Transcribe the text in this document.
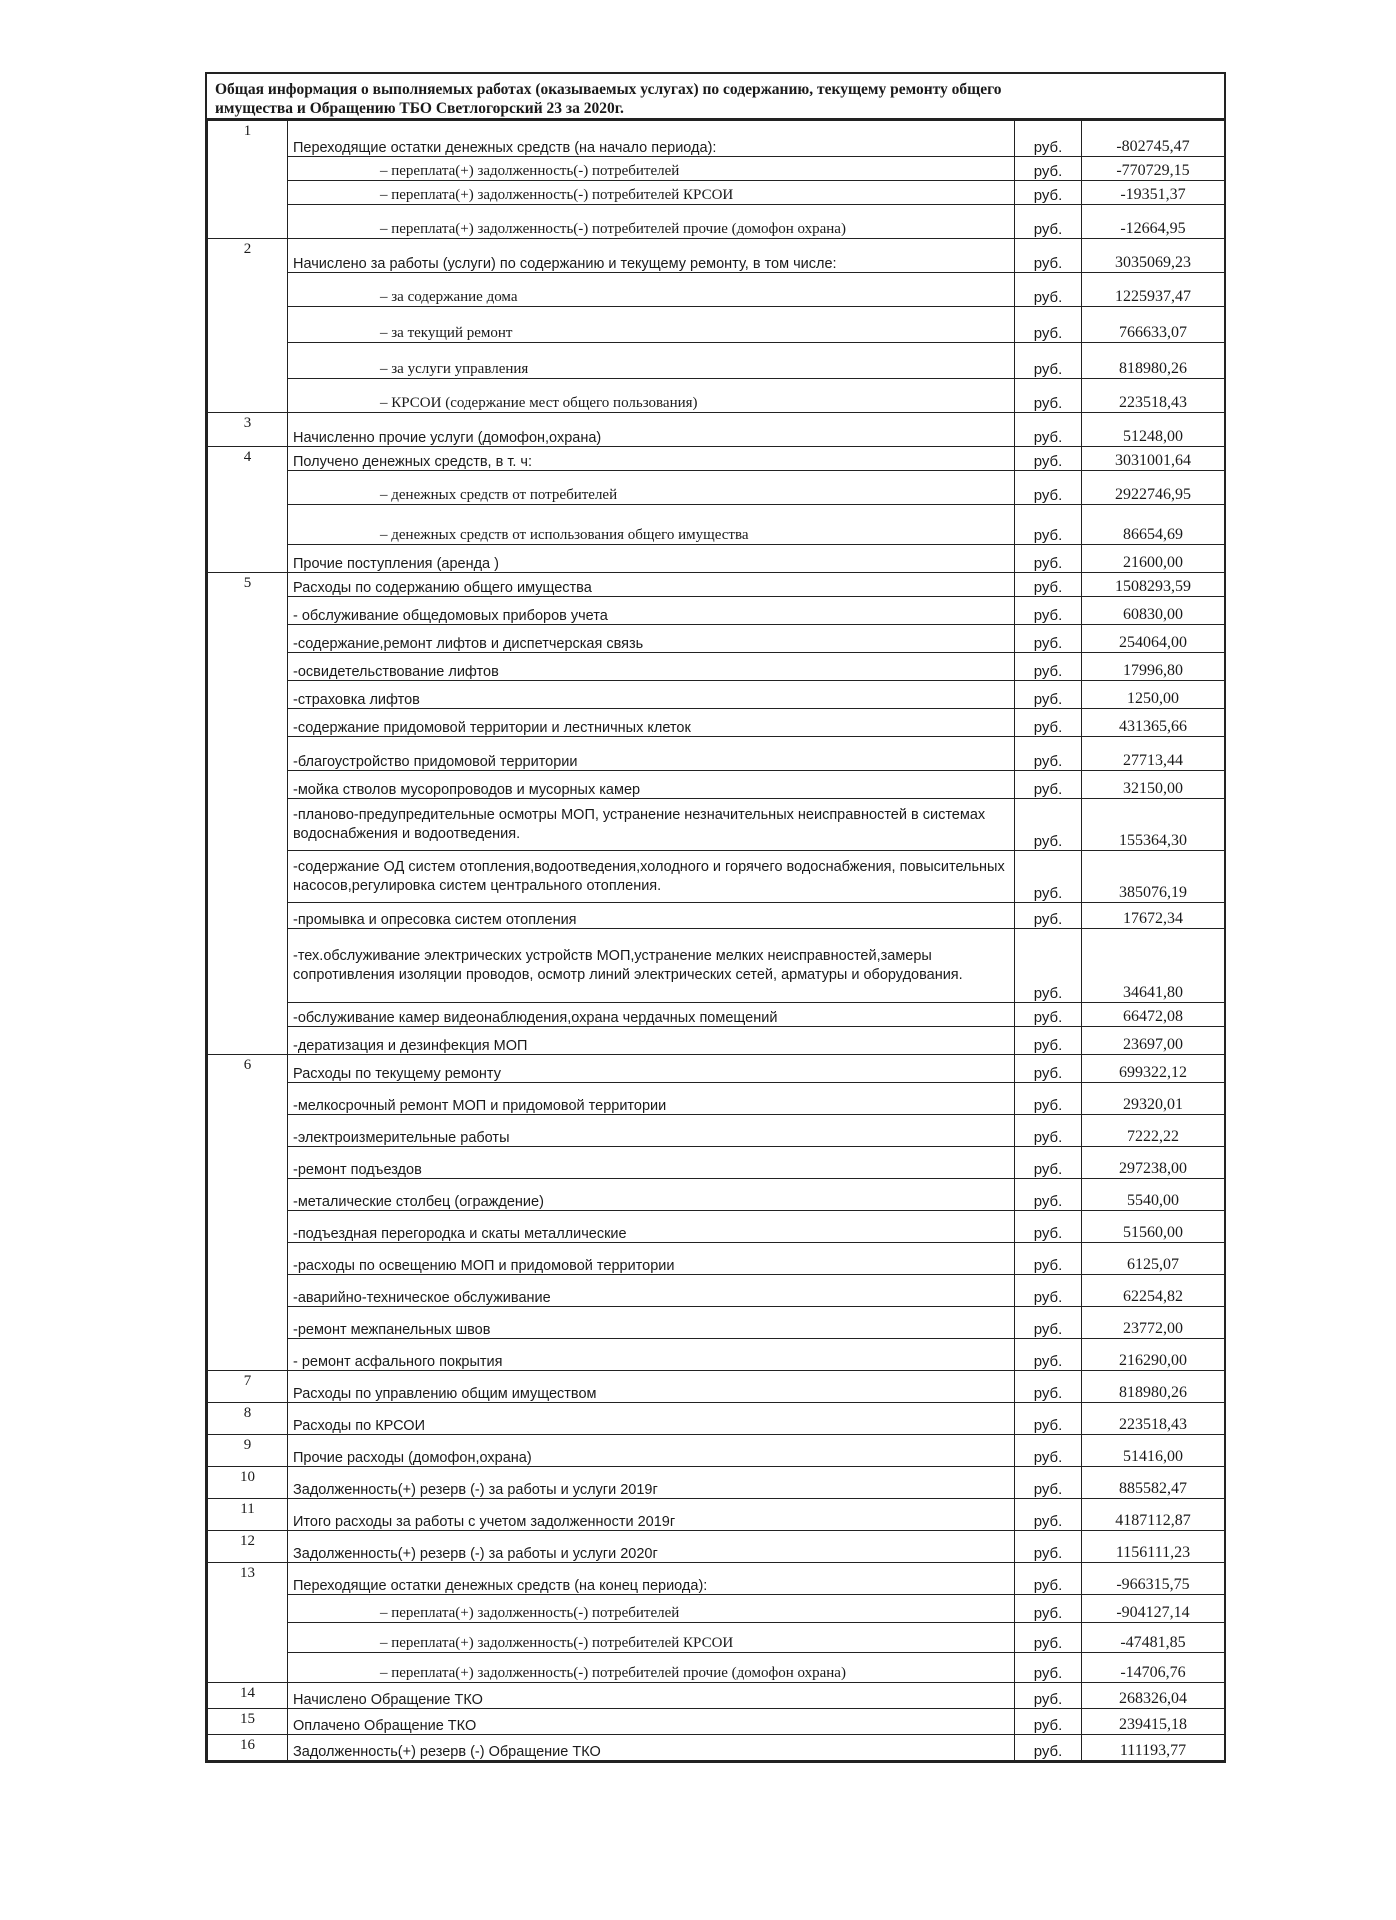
Общая информация о выполняемых работах (оказываемых услугах) по содержанию, текущему ремонту общего
имущества и Обращению ТБО Светлогорский 23 за 2020г.
1	Переходящие остатки денежных средств (на начало периода):	руб.	-802745,47
	– переплата(+) задолженность(-) потребителей	руб.	-770729,15
	– переплата(+) задолженность(-) потребителей КРСОИ	руб.	-19351,37
	– переплата(+) задолженность(-) потребителей прочие (домофон охрана)	руб.	-12664,95
2	Начислено за работы (услуги) по содержанию и текущему ремонту, в том числе:	руб.	3035069,23
	– за содержание дома	руб.	1225937,47
	– за текущий ремонт	руб.	766633,07
	– за услуги управления	руб.	818980,26
	– КРСОИ (содержание мест общего пользования)	руб.	223518,43
3	Начисленно прочие услуги (домофон,охрана)	руб.	51248,00
4	Получено денежных средств, в т. ч:	руб.	3031001,64
	– денежных средств от потребителей	руб.	2922746,95
	– денежных средств от использования общего имущества	руб.	86654,69
	Прочие поступления (аренда )	руб.	21600,00
5	Расходы по содержанию общего имущества	руб.	1508293,59
	- обслуживание общедомовых приборов учета	руб.	60830,00
	-содержание,ремонт лифтов и диспетчерская связь	руб.	254064,00
	-освидетельствование лифтов	руб.	17996,80
	-страховка лифтов	руб.	1250,00
	-содержание придомовой территории и лестничных клеток	руб.	431365,66
	-благоустройство придомовой территории	руб.	27713,44
	-мойка стволов мусоропроводов и мусорных камер	руб.	32150,00
	-планово-предупредительные осмотры МОП, устранение незначительных неисправностей в системах водоснабжения и водоотведения.	руб.	155364,30
	-содержание ОД систем отопления,водоотведения,холодного и горячего водоснабжения, повысительных насосов,регулировка систем центрального отопления.	руб.	385076,19
	-промывка и опресовка систем отопления	руб.	17672,34
	-тех.обслуживание электрических устройств МОП,устранение мелких неисправностей,замеры сопротивления изоляции проводов, осмотр линий электрических сетей, арматуры и оборудования.	руб.	34641,80
	-обслуживание камер видеонаблюдения,охрана чердачных помещений	руб.	66472,08
	-дератизация и дезинфекция МОП	руб.	23697,00
6	Расходы по текущему ремонту	руб.	699322,12
	-мелкосрочный ремонт МОП и придомовой территории	руб.	29320,01
	-электроизмерительные работы	руб.	7222,22
	-ремонт подъездов	руб.	297238,00
	-металические столбец (ограждение)	руб.	5540,00
	-подъездная перегородка и скаты металлические	руб.	51560,00
	-расходы по освещению МОП и придомовой территории	руб.	6125,07
	-аварийно-техническое обслуживание	руб.	62254,82
	-ремонт межпанельных швов	руб.	23772,00
	- ремонт асфального покрытия	руб.	216290,00
7	Расходы по управлению общим имуществом	руб.	818980,26
8	Расходы по КРСОИ	руб.	223518,43
9	Прочие расходы (домофон,охрана)	руб.	51416,00
10	Задолженность(+) резерв (-) за работы и услуги 2019г	руб.	885582,47
11	Итого расходы за работы с учетом задолженности 2019г	руб.	4187112,87
12	Задолженность(+) резерв (-) за работы и услуги 2020г	руб.	1156111,23
13	Переходящие остатки денежных средств (на конец периода):	руб.	-966315,75
	– переплата(+) задолженность(-) потребителей	руб.	-904127,14
	– переплата(+) задолженность(-) потребителей КРСОИ	руб.	-47481,85
	– переплата(+) задолженность(-) потребителей прочие (домофон охрана)	руб.	-14706,76
14	Начислено Обращение ТКО	руб.	268326,04
15	Оплачено Обращение ТКО	руб.	239415,18
16	Задолженность(+) резерв (-) Обращение ТКО	руб.	111193,77
